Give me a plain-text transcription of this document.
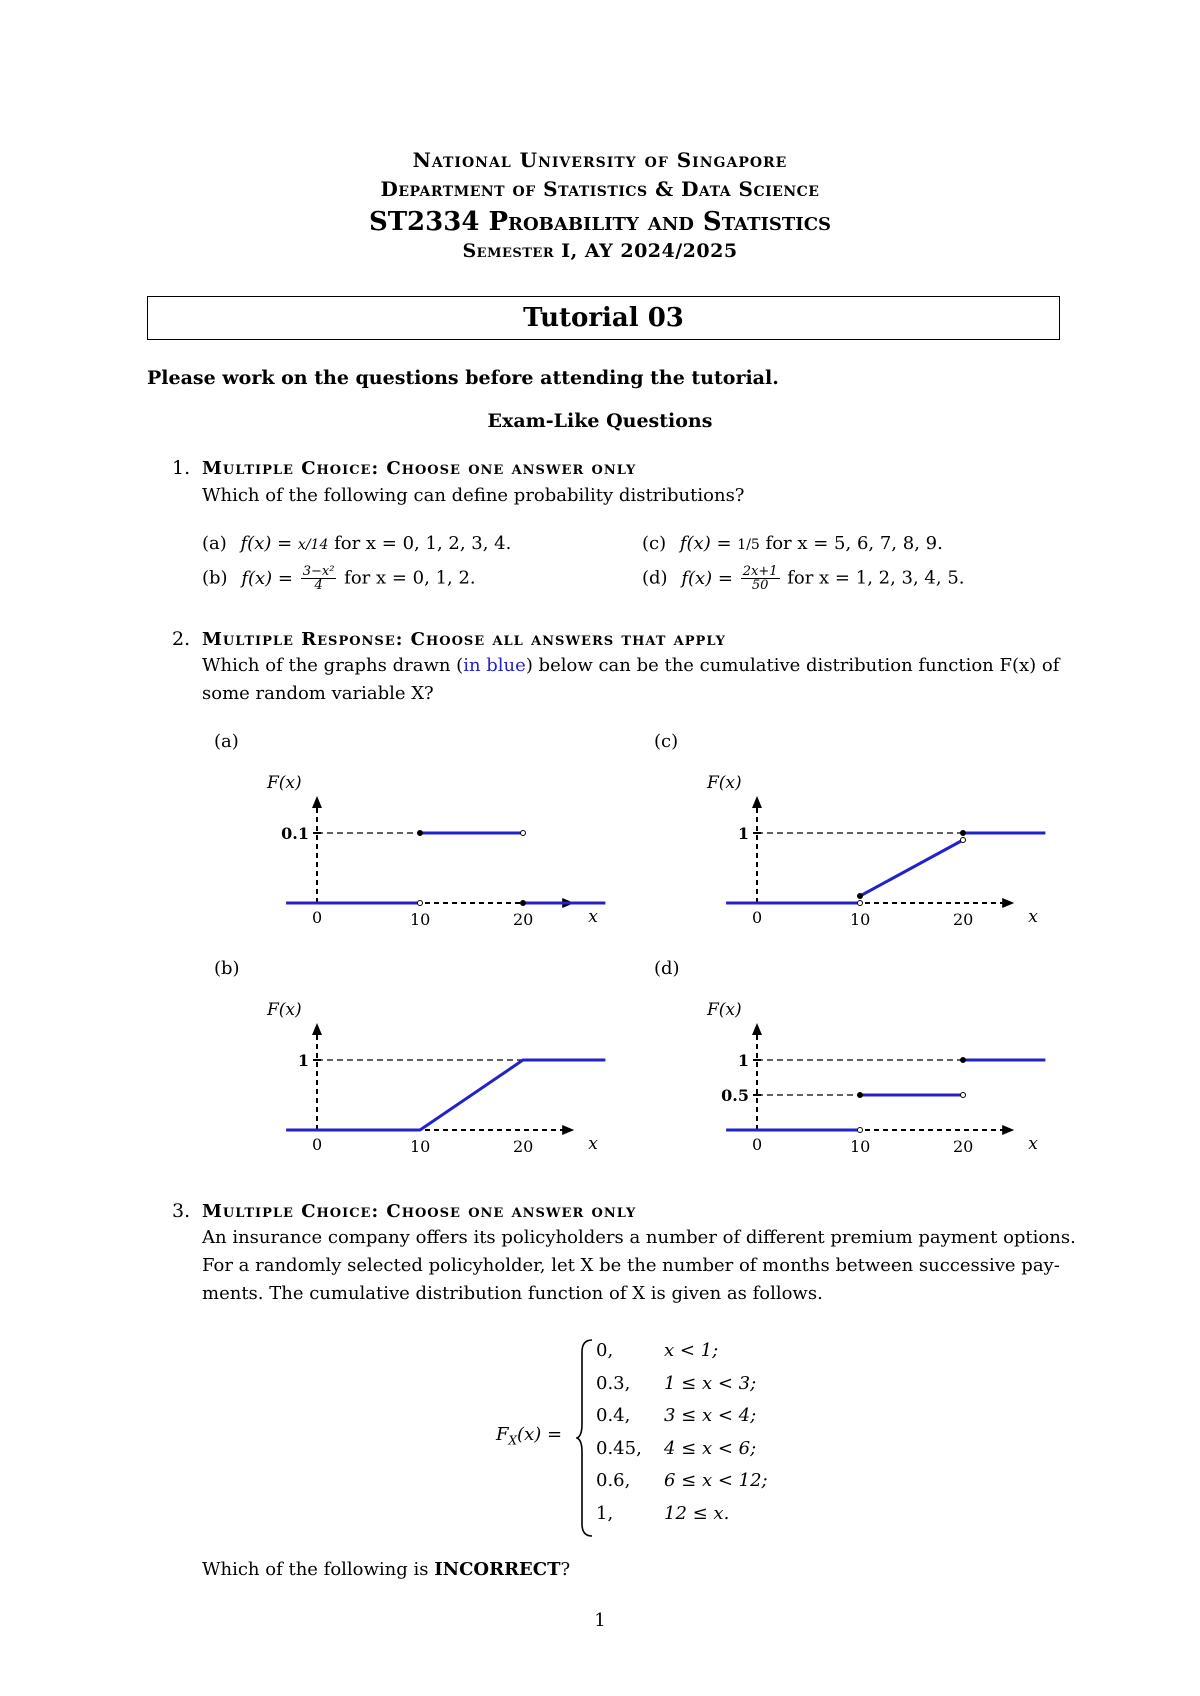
National University of Singapore
Department of Statistics & Data Science
ST2334 Probability and Statistics
Semester I, AY 2024/2025
Tutorial 03
Please work on the questions before attending the tutorial.
Exam-Like Questions
1. Multiple Choice: Choose one answer only
Which of the following can define probability distributions?
(a) f(x) = x/14 for x = 0, 1, 2, 3, 4.
(b) $f(x) = \frac{\text{3−x²}}{4}$ for x = 0, 1, 2.
(c) f(x) = 1/5 for x = 5, 6, 7, 8, 9.
(d) $f(x) = \frac{2x+1}{50}$ for x = 1, 2, 3, 4, 5.
2. Multiple Response: Choose all answers that apply
Which of the graphs drawn (in blue) below can be the cumulative distribution function F(x) of
some random variable X?
(a)	(c)
(b)	(d)
F(x)
x
0	10	20
0.1
F(x)
x
0	10	20
1
F(x)
x
0	10	20
1
F(x)
x
0	10	20
1
0.5
3. Multiple Choice: Choose one answer only
An insurance company offers its policyholders a number of different premium payment options.
For a randomly selected policyholder, let X be the number of months between successive pay-
ments. The cumulative distribution function of X is given as follows.
$F_X(x)$ =
0,	x < 1;
0.3, 1 ≤ x < 3;
0.4, 3 ≤ x < 4;
0.45, 4 ≤ x < 6;
0.6, 6 ≤ x < 12;
1,	12 ≤ x.
Which of the following is INCORRECT?
1
